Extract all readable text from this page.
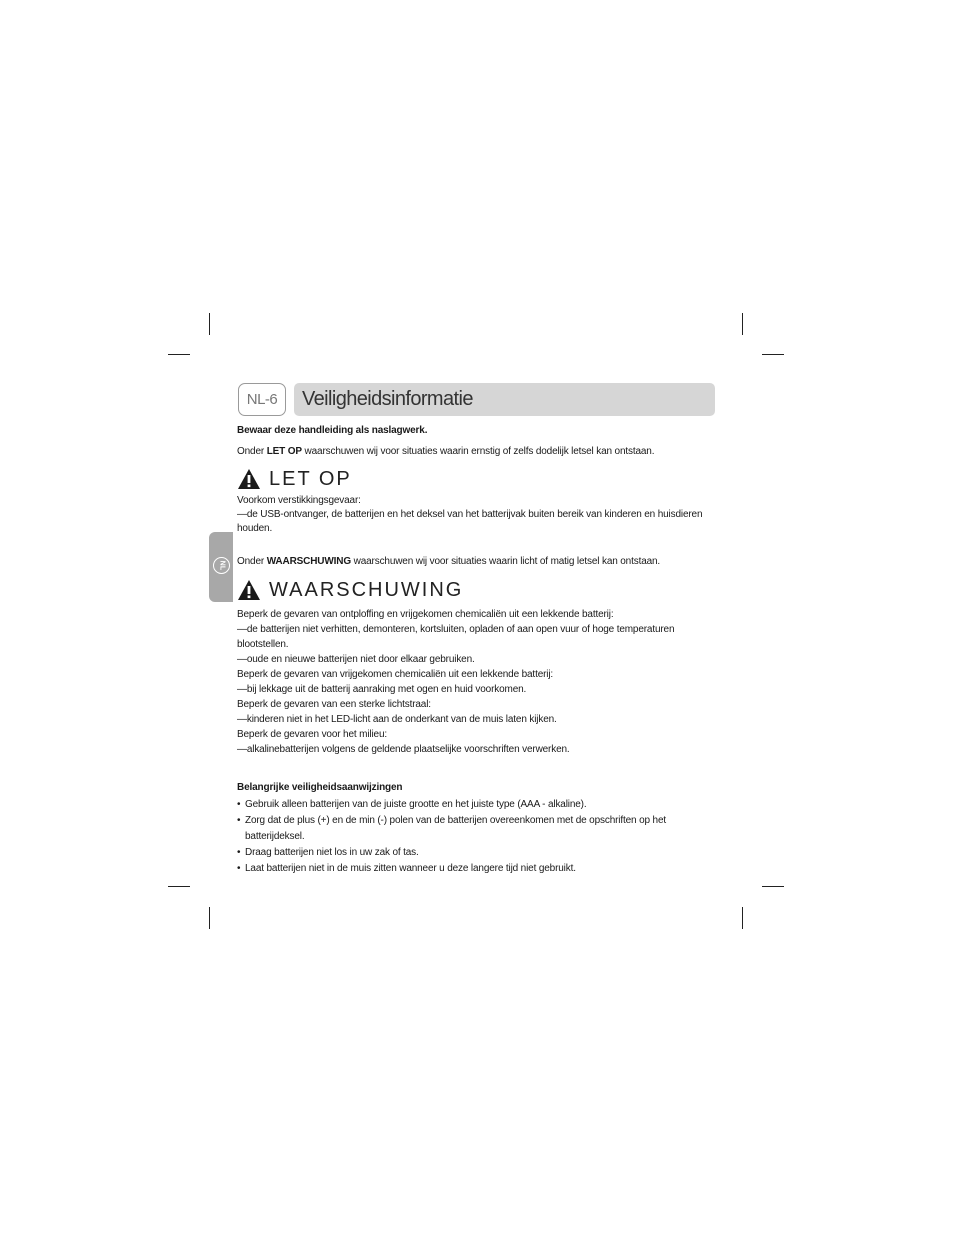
NL
NL-6	Veiligheidsinformatie

Bewaar deze handleiding als naslagwerk.

Onder LET OP waarschuwen wij voor situaties waarin ernstig of zelfs dodelijk letsel kan ontstaan.

LET OP

Voorkom verstikkingsgevaar:

—de USB-ontvanger, de batterijen en het deksel van het batterijvak buiten bereik van kinderen en huisdieren houden.

Onder WAARSCHUWING waarschuwen wij voor situaties waarin licht of matig letsel kan ontstaan.

WAARSCHUWING

Beperk de gevaren van ontploffing en vrijgekomen chemicaliën uit een lekkende batterij:

—de batterijen niet verhitten, demonteren, kortsluiten, opladen of aan open vuur of hoge temperaturen blootstellen.

—oude en nieuwe batterijen niet door elkaar gebruiken.

Beperk de gevaren van vrijgekomen chemicaliën uit een lekkende batterij:

—bij lekkage uit de batterij aanraking met ogen en huid voorkomen.

Beperk de gevaren van een sterke lichtstraal:

—kinderen niet in het LED-licht aan de onderkant van de muis laten kijken.

Beperk de gevaren voor het milieu:

—alkalinebatterijen volgens de geldende plaatselijke voorschriften verwerken.

Belangrijke veiligheidsaanwijzingen

• Gebruik alleen batterijen van de juiste grootte en het juiste type (AAA - alkaline).
• Zorg dat de plus (+) en de min (-) polen van de batterijen overeenkomen met de opschriften op het batterijdeksel.
• Draag batterijen niet los in uw zak of tas.
• Laat batterijen niet in de muis zitten wanneer u deze langere tijd niet gebruikt.
